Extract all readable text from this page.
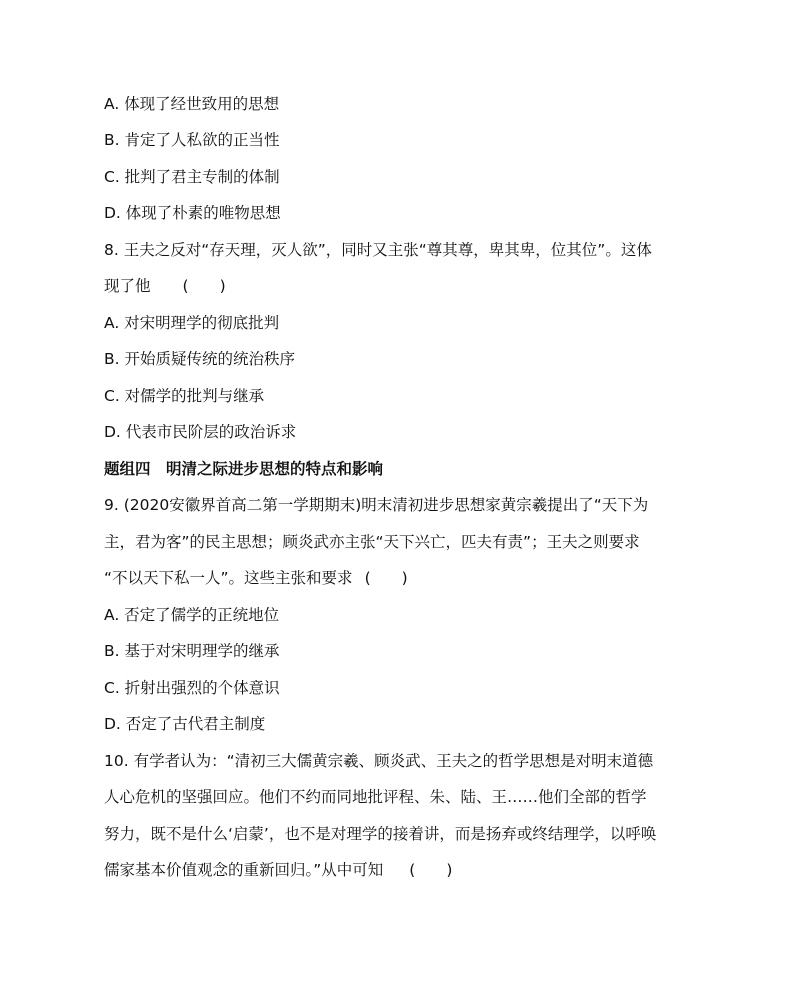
A. 体现了经世致用的思想
B. 肯定了人私欲的正当性
C. 批判了君主专制的体制
D. 体现了朴素的唯物思想
8. 王夫之反对“存天理，灭人欲”，同时又主张“尊其尊，卑其卑，位其位”。这体
现了他 (　　)
A. 对宋明理学的彻底批判
B. 开始质疑传统的统治秩序
C. 对儒学的批判与继承
D. 代表市民阶层的政治诉求
题组四　明清之际进步思想的特点和影响
9. (2020安徽界首高二第一学期期末)明末清初进步思想家黄宗羲提出了“天下为
主，君为客”的民主思想；顾炎武亦主张“天下兴亡，匹夫有责”；王夫之则要求
“不以天下私一人”。这些主张和要求 (　　)
A. 否定了儒学的正统地位
B. 基于对宋明理学的继承
C. 折射出强烈的个体意识
D. 否定了古代君主制度
10. 有学者认为：“清初三大儒黄宗羲、顾炎武、王夫之的哲学思想是对明末道德
人心危机的坚强回应。他们不约而同地批评程、朱、陆、王……他们全部的哲学
努力，既不是什么‘启蒙’，也不是对理学的接着讲，而是扬弃或终结理学，以呼唤
儒家基本价值观念的重新回归。”从中可知 (　　)
